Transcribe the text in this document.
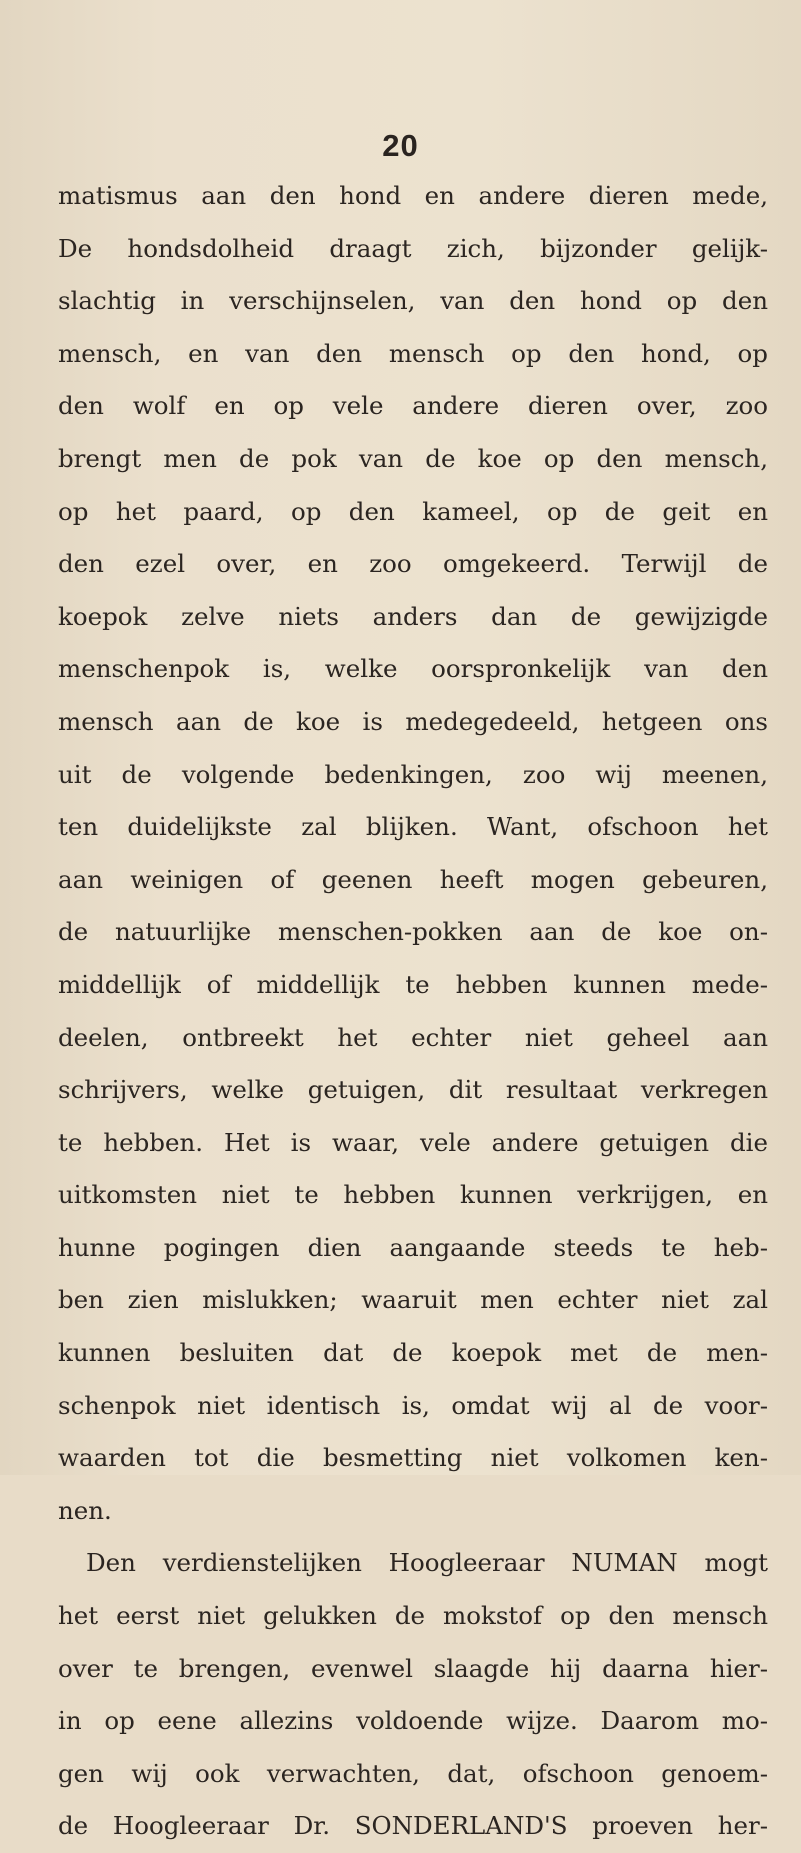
20
matismus aan den hond en andere dieren mede,
De hondsdolheid draagt zich, bijzonder gelijk-
slachtig in verschijnselen, van den hond op den
mensch, en van den mensch op den hond, op
den wolf en op vele andere dieren over, zoo
brengt men de pok van de koe op den mensch,
op het paard, op den kameel, op de geit en
den ezel over, en zoo omgekeerd. Terwijl de
koepok zelve niets anders dan de gewijzigde
menschenpok is, welke oorspronkelijk van den
mensch aan de koe is medegedeeld, hetgeen ons
uit de volgende bedenkingen, zoo wij meenen,
ten duidelijkste zal blijken. Want, ofschoon het
aan weinigen of geenen heeft mogen gebeuren,
de natuurlijke menschen-pokken aan de koe on-
middellijk of middellijk te hebben kunnen mede-
deelen, ontbreekt het echter niet geheel aan
schrijvers, welke getuigen, dit resultaat verkregen
te hebben. Het is waar, vele andere getuigen die
uitkomsten niet te hebben kunnen verkrijgen, en
hunne pogingen dien aangaande steeds te heb-
ben zien mislukken; waaruit men echter niet zal
kunnen besluiten dat de koepok met de men-
schenpok niet identisch is, omdat wij al de voor-
waarden tot die besmetting niet volkomen ken-
nen.
Den verdienstelijken Hoogleeraar NUMAN mogt
het eerst niet gelukken de mokstof op den mensch
over te brengen, evenwel slaagde hij daarna hier-
in op eene allezins voldoende wijze. Daarom mo-
gen wij ook verwachten, dat, ofschoon genoem-
de Hoogleeraar Dr. SONDERLAND'S proeven her-
